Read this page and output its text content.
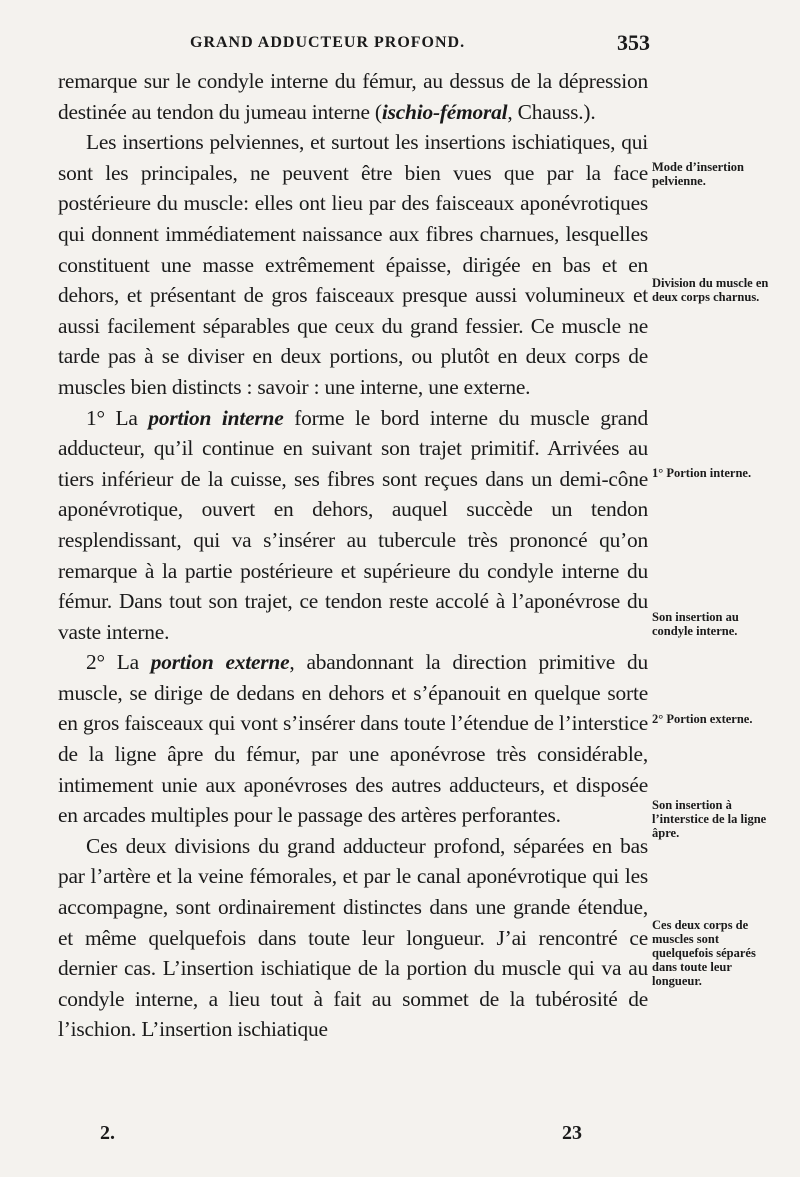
GRAND ADDUCTEUR PROFOND.	353

remarque sur le condyle interne du fémur, au dessus de la dépression destinée au tendon du jumeau interne (ischio-fémoral, Chauss.).

Les insertions pelviennes, et surtout les insertions ischiatiques, qui sont les principales, ne peuvent être bien vues que par la face postérieure du muscle: elles ont lieu par des faisceaux aponévrotiques qui donnent immédiatement naissance aux fibres charnues, lesquelles constituent une masse extrêmement épaisse, dirigée en bas et en dehors, et présentant de gros faisceaux presque aussi volumineux et aussi facilement séparables que ceux du grand fessier. Ce muscle ne tarde pas à se diviser en deux portions, ou plutôt en deux corps de muscles bien distincts : savoir : une interne, une externe.

1° La portion interne forme le bord interne du muscle grand adducteur, qu’il continue en suivant son trajet primitif. Arrivées au tiers inférieur de la cuisse, ses fibres sont reçues dans un demi-cône aponévrotique, ouvert en dehors, auquel succède un tendon resplendissant, qui va s’insérer au tubercule très prononcé qu’on remarque à la partie postérieure et supérieure du condyle interne du fémur. Dans tout son trajet, ce tendon reste accolé à l’aponévrose du vaste interne.

2° La portion externe, abandonnant la direction primitive du muscle, se dirige de dedans en dehors et s’épanouit en quelque sorte en gros faisceaux qui vont s’insérer dans toute l’étendue de l’interstice de la ligne âpre du fémur, par une aponévrose très considérable, intimement unie aux aponévroses des autres adducteurs, et disposée en arcades multiples pour le passage des artères perforantes.

Ces deux divisions du grand adducteur profond, séparées en bas par l’artère et la veine fémorales, et par le canal aponévrotique qui les accompagne, sont ordinairement distinctes dans une grande étendue, et même quelquefois dans toute leur longueur. J’ai rencontré ce dernier cas. L’insertion ischiatique de la portion du muscle qui va au condyle interne, a lieu tout à fait au sommet de la tubérosité de l’ischion. L’insertion ischiatique

Mode d’insertion pelvienne.
Division du muscle en deux corps charnus.
1° Portion interne.
Son insertion au condyle interne.
2° Portion externe.
Son insertion à l’interstice de la ligne âpre.
Ces deux corps de muscles sont quelquefois séparés dans toute leur longueur.
2.	23
